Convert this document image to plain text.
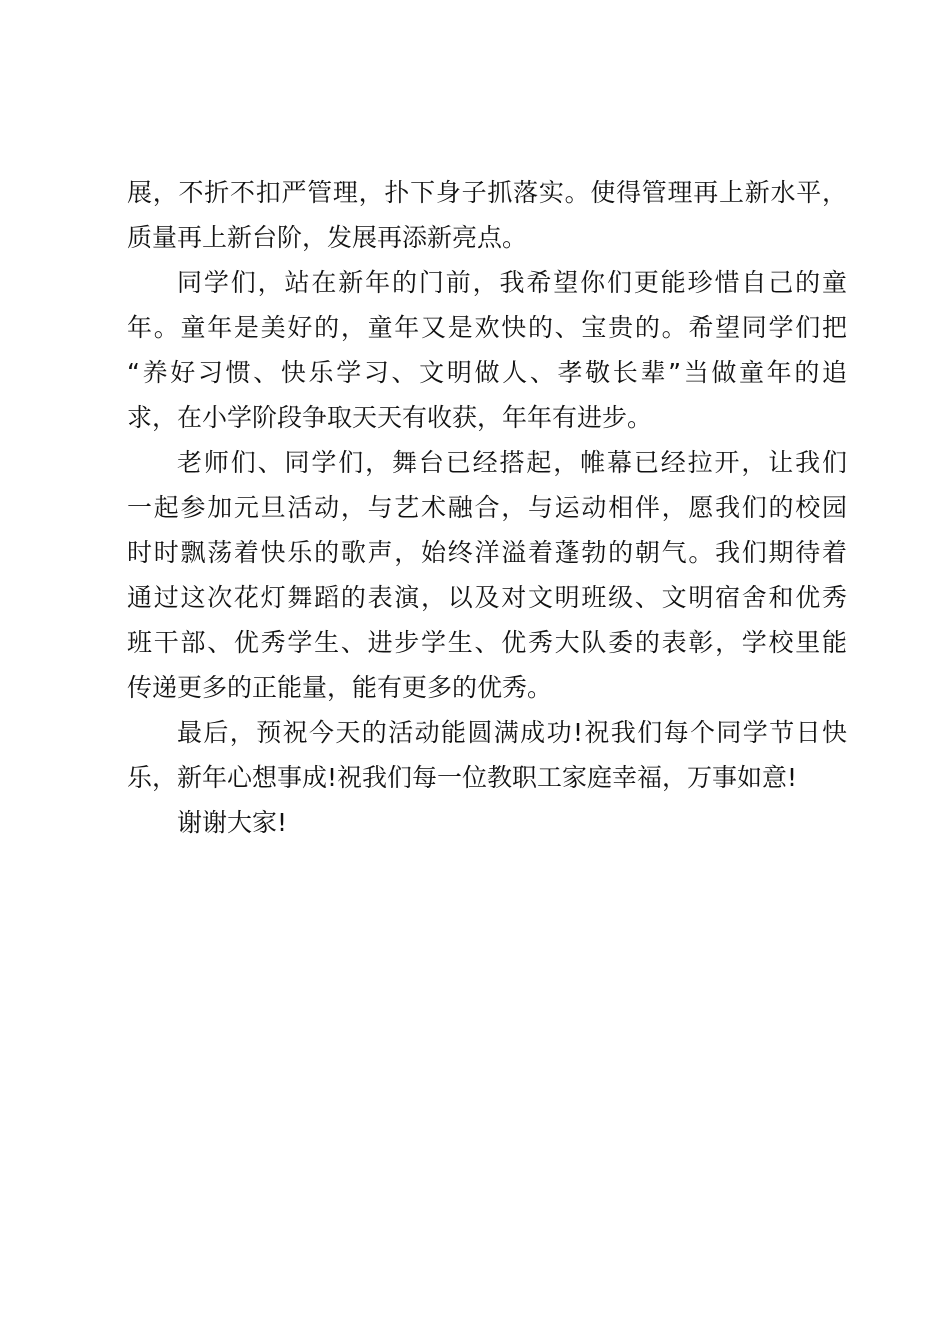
展，不折不扣严管理，扑下身子抓落实。使得管理再上新水平，
质量再上新台阶，发展再添新亮点。
同学们，站在新年的门前，我希望你们更能珍惜自己的童
年。童年是美好的，童年又是欢快的、宝贵的。希望同学们把
“养好习惯、快乐学习、文明做人、孝敬长辈”当做童年的追
求，在小学阶段争取天天有收获，年年有进步。
老师们、同学们，舞台已经搭起，帷幕已经拉开，让我们
一起参加元旦活动，与艺术融合，与运动相伴，愿我们的校园
时时飘荡着快乐的歌声，始终洋溢着蓬勃的朝气。我们期待着
通过这次花灯舞蹈的表演，以及对文明班级、文明宿舍和优秀
班干部、优秀学生、进步学生、优秀大队委的表彰，学校里能
传递更多的正能量，能有更多的优秀。
最后，预祝今天的活动能圆满成功!祝我们每个同学节日快
乐，新年心想事成!祝我们每一位教职工家庭幸福，万事如意!
谢谢大家!
